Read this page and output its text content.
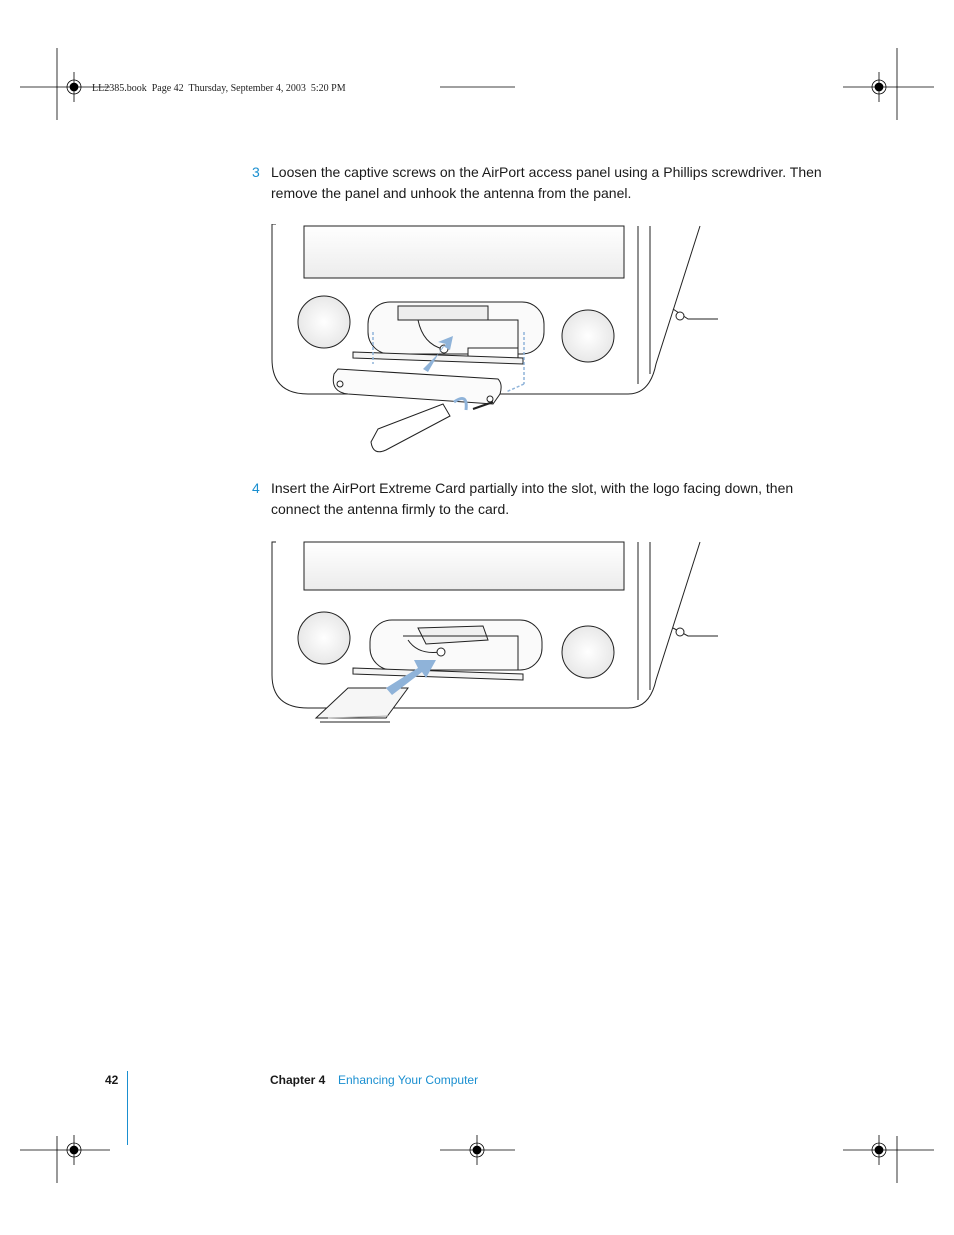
LL2385.book  Page 42  Thursday, September 4, 2003  5:20 PM
3 Loosen the captive screws on the AirPort access panel using a Phillips screwdriver. Then remove the panel and unhook the antenna from the panel.
4 Insert the AirPort Extreme Card partially into the slot, with the logo facing down, then connect the antenna firmly to the card.
42	Chapter 4 Enhancing Your Computer
